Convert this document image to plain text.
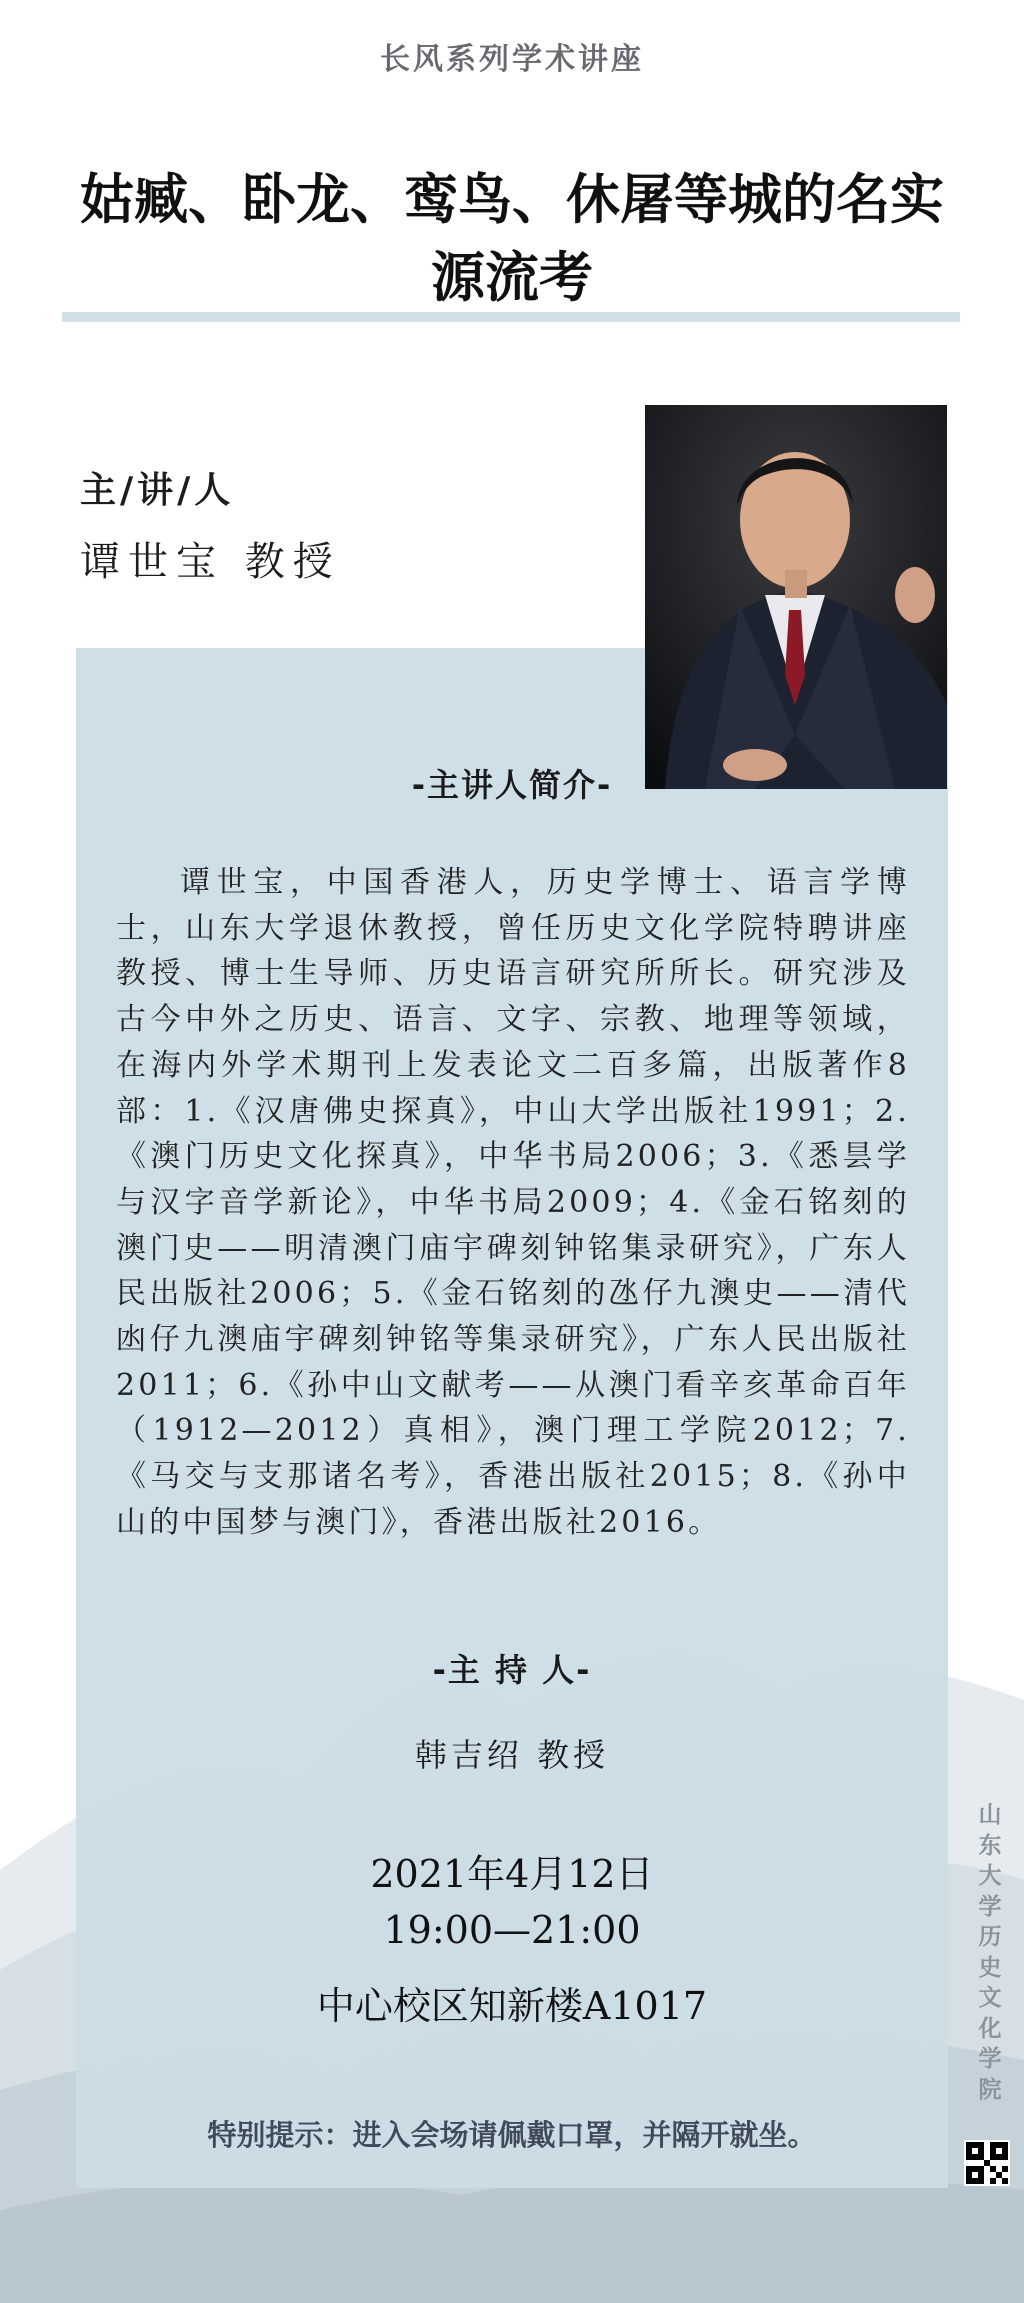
长风系列学术讲座
姑臧、卧龙、鸾鸟、休屠等城的名实源流考
主/讲/人
谭世宝 教授
-主讲人简介-
谭世宝，中国香港人，历史学博士、语言学博士，山东大学退休教授，曾任历史文化学院特聘讲座教授、博士生导师、历史语言研究所所长。研究涉及古今中外之历史、语言、文字、宗教、地理等领域，在海内外学术期刊上发表论文二百多篇，出版著作8部：1.《汉唐佛史探真》，中山大学出版社1991；2.《澳门历史文化探真》，中华书局2006；3.《悉昙学与汉字音学新论》，中华书局2009；4.《金石铭刻的澳门史——明清澳门庙宇碑刻钟铭集录研究》，广东人民出版社2006；5.《金石铭刻的氹仔九澳史——清代凼仔九澳庙宇碑刻钟铭等集录研究》，广东人民出版社2011；6.《孙中山文献考——从澳门看辛亥革命百年（1912—2012）真相》，澳门理工学院2012；7.《马交与支那诸名考》，香港出版社2015；8.《孙中山的中国梦与澳门》，香港出版社2016。
-主 持 人-
韩吉绍 教授
2021年4月12日
19:00—21:00
中心校区知新楼A1017
特别提示：进入会场请佩戴口罩，并隔开就坐。
山东大学历史文化学院
